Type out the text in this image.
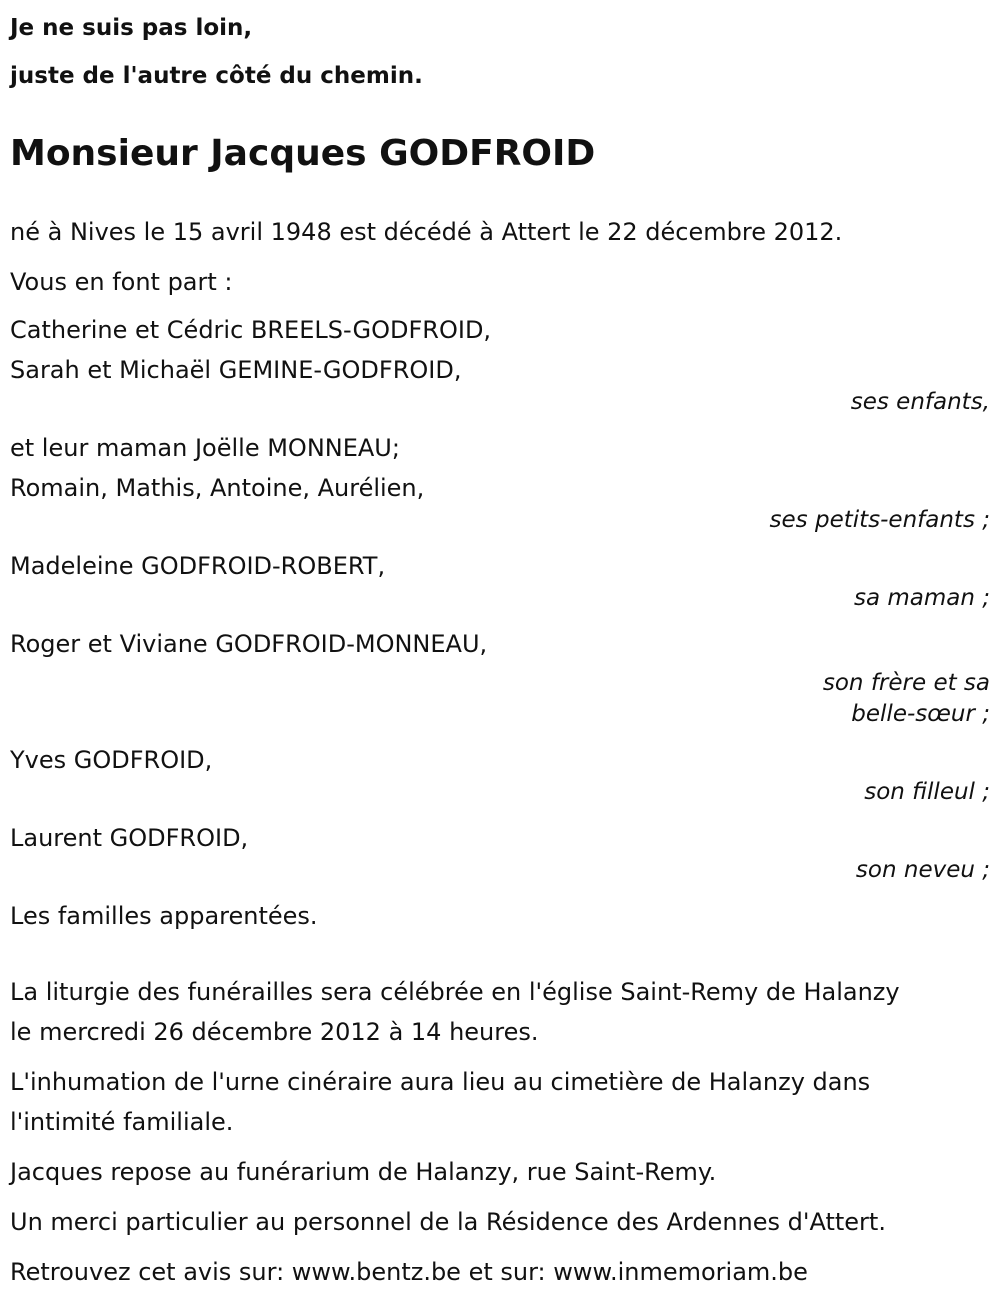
Je ne suis pas loin,
juste de l'autre côté du chemin.
Monsieur Jacques GODFROID
né à Nives le 15 avril 1948 est décédé à Attert le 22 décembre 2012.
Vous en font part :
Catherine et Cédric BREELS-GODFROID,
Sarah et Michaël GEMINE-GODFROID,
ses enfants,
et leur maman Joëlle MONNEAU;
Romain, Mathis, Antoine, Aurélien,
ses petits-enfants ;
Madeleine GODFROID-ROBERT,
sa maman ;
Roger et Viviane GODFROID-MONNEAU,
son frère et sa
belle-sœur ;
Yves GODFROID,
son filleul ;
Laurent GODFROID,
son neveu ;
Les familles apparentées.
La liturgie des funérailles sera célébrée en l'église Saint-Remy de Halanzy
le mercredi 26 décembre 2012 à 14 heures.
L'inhumation de l'urne cinéraire aura lieu au cimetière de Halanzy dans
l'intimité familiale.
Jacques repose au funérarium de Halanzy, rue Saint-Remy.
Un merci particulier au personnel de la Résidence des Ardennes d'Attert.
Retrouvez cet avis sur: www.bentz.be et sur: www.inmemoriam.be
